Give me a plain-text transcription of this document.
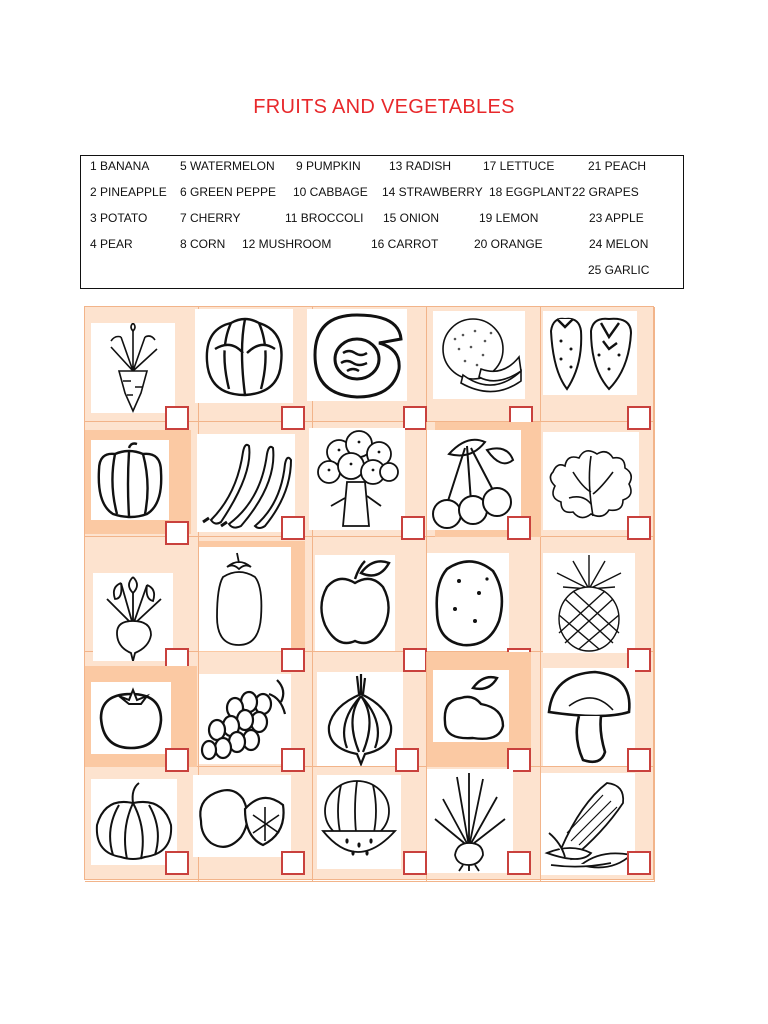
FRUITS AND VEGETABLES
1 BANANA	5 WATERMELON 9 PUMPKIN 13 RADISH	17 LETTUCE	21 PEACH
2 PINEAPPLE 6 GREEN PEPPE 10 CABBAGE 14 STRAWBERRY 18 EGGPLANT 22 GRAPES
3 POTATO	7 CHERRY	11 BROCCOLI 15 ONION	19 LEMON	23 APPLE
4 PEAR	8 CORN 12 MUSHROOM	16 CARROT	20 ORANGE	24 MELON
25 GARLIC
